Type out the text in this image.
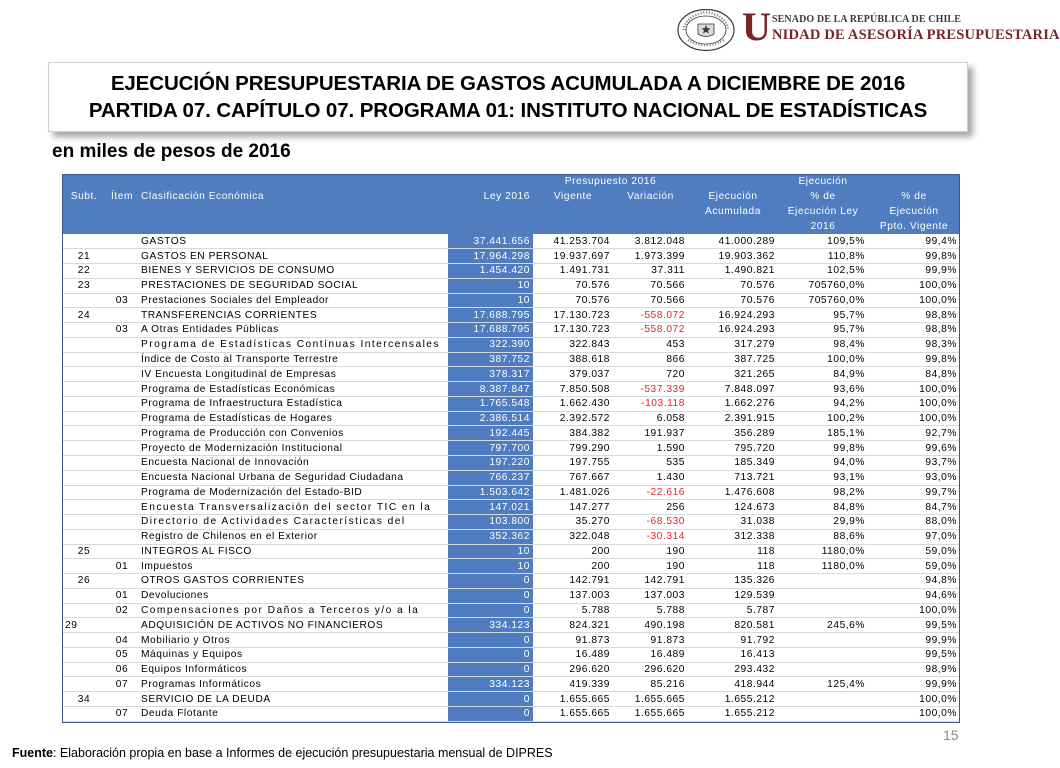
U SENADO DE LA REPÚBLICA DE CHILE
NIDAD DE ASESORÍA PRESUPUESTARIA
EJECUCIÓN PRESUPUESTARIA DE GASTOS ACUMULADA A DICIEMBRE DE 2016
PARTIDA 07. CAPÍTULO 07. PROGRAMA 01: INSTITUTO NACIONAL DE ESTADÍSTICAS
en miles de pesos de 2016
				Presupuesto 2016			Ejecución	
Subt.	Ítem	Clasificación Económica	Ley 2016	Vigente	Variación	Ejecución	% de	% de
						Acumulada	Ejecución Ley	Ejecución
							2016	Ppto. Vigente
		GASTOS	37.441.656	41.253.704	3.812.048	41.000.289	109,5%	99,4%
21		GASTOS EN PERSONAL	17.964.298	19.937.697	1.973.399	19.903.362	110,8%	99,8%
22		BIENES Y SERVICIOS DE CONSUMO	1.454.420	1.491.731	37.311	1.490.821	102,5%	99,9%
23		PRESTACIONES DE SEGURIDAD SOCIAL	10	70.576	70.566	70.576	705760,0%	100,0%
	03	Prestaciones Sociales del Empleador	10	70.576	70.566	70.576	705760,0%	100,0%
24		TRANSFERENCIAS CORRIENTES	17.688.795	17.130.723	-558.072	16.924.293	95,7%	98,8%
	03	A Otras Entidades Públicas	17.688.795	17.130.723	-558.072	16.924.293	95,7%	98,8%
		Programa de Estadísticas Contínuas Intercensales	322.390	322.843	453	317.279	98,4%	98,3%
		Índice de Costo al Transporte Terrestre	387.752	388.618	866	387.725	100,0%	99,8%
		IV Encuesta Longitudinal de Empresas	378.317	379.037	720	321.265	84,9%	84,8%
		Programa de Estadísticas Económicas	8.387.847	7.850.508	-537.339	7.848.097	93,6%	100,0%
		Programa de Infraestructura Estadística	1.765.548	1.662.430	-103.118	1.662.276	94,2%	100,0%
		Programa de Estadísticas de Hogares	2.386.514	2.392.572	6.058	2.391.915	100,2%	100,0%
		Programa de Producción con Convenios	192.445	384.382	191.937	356.289	185,1%	92,7%
		Proyecto de Modernización Institucional	797.700	799.290	1.590	795.720	99,8%	99,6%
		Encuesta Nacional de Innovación	197.220	197.755	535	185.349	94,0%	93,7%
		Encuesta Nacional Urbana de Seguridad Ciudadana	766.237	767.667	1.430	713.721	93,1%	93,0%
		Programa de Modernización del Estado-BID	1.503.642	1.481.026	-22.616	1.476.608	98,2%	99,7%
		Encuesta Transversalización del sector TIC en la	147.021	147.277	256	124.673	84,8%	84,7%
		Directorio de Actividades Características del	103.800	35.270	-68.530	31.038	29,9%	88,0%
		Registro de Chilenos en el Exterior	352.362	322.048	-30.314	312.338	88,6%	97,0%
25		INTEGROS AL FISCO	10	200	190	118	1180,0%	59,0%
	01	Impuestos	10	200	190	118	1180,0%	59,0%
26		OTROS GASTOS CORRIENTES	0	142.791	142.791	135.326		94,8%
	01	Devoluciones	0	137.003	137.003	129.539		94,6%
	02	Compensaciones por Daños a Terceros y/o a la	0	5.788	5.788	5.787		100,0%
29		ADQUISICIÓN DE ACTIVOS NO FINANCIEROS	334.123	824.321	490.198	820.581	245,6%	99,5%
	04	Mobiliario y Otros	0	91.873	91.873	91.792		99,9%
	05	Máquinas y Equipos	0	16.489	16.489	16.413		99,5%
	06	Equipos Informáticos	0	296.620	296.620	293.432		98,9%
	07	Programas Informáticos	334.123	419.339	85.216	418.944	125,4%	99,9%
34		SERVICIO DE LA DEUDA	0	1.655.665	1.655.665	1.655.212		100,0%
	07	Deuda Flotante	0	1.655.665	1.655.665	1.655.212		100,0%
15
Fuente: Elaboración propia en base a Informes de ejecución presupuestaria mensual de DIPRES
